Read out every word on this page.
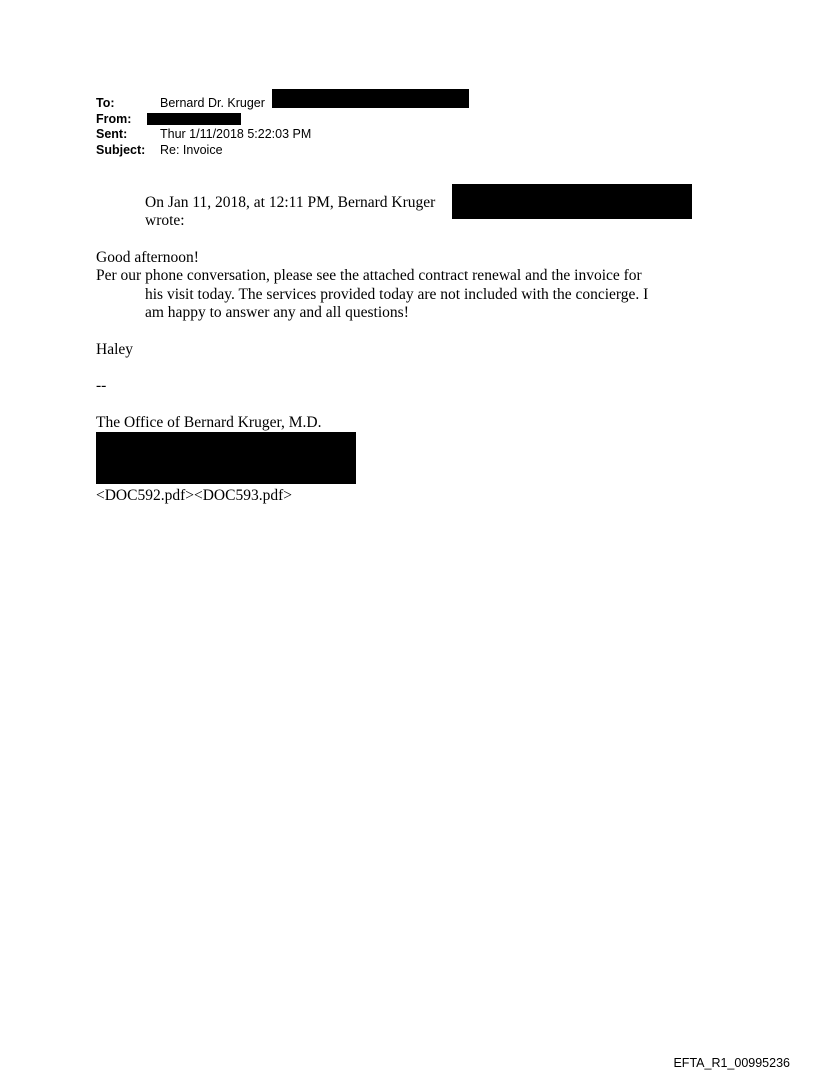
To:	Bernard Dr. Kruger
From:
Sent:	Thur 1/11/2018 5:22:03 PM
Subject: Re: Invoice
On Jan 11, 2018, at 12:11 PM, Bernard Kruger
wrote:
Good afternoon!
Per our phone conversation, please see the attached contract renewal and the invoice for
his visit today. The services provided today are not included with the concierge. I
am happy to answer any and all questions!
Haley
--
The Office of Bernard Kruger, M.D.
<DOC592.pdf><DOC593.pdf>
EFTA_R1_00995236
